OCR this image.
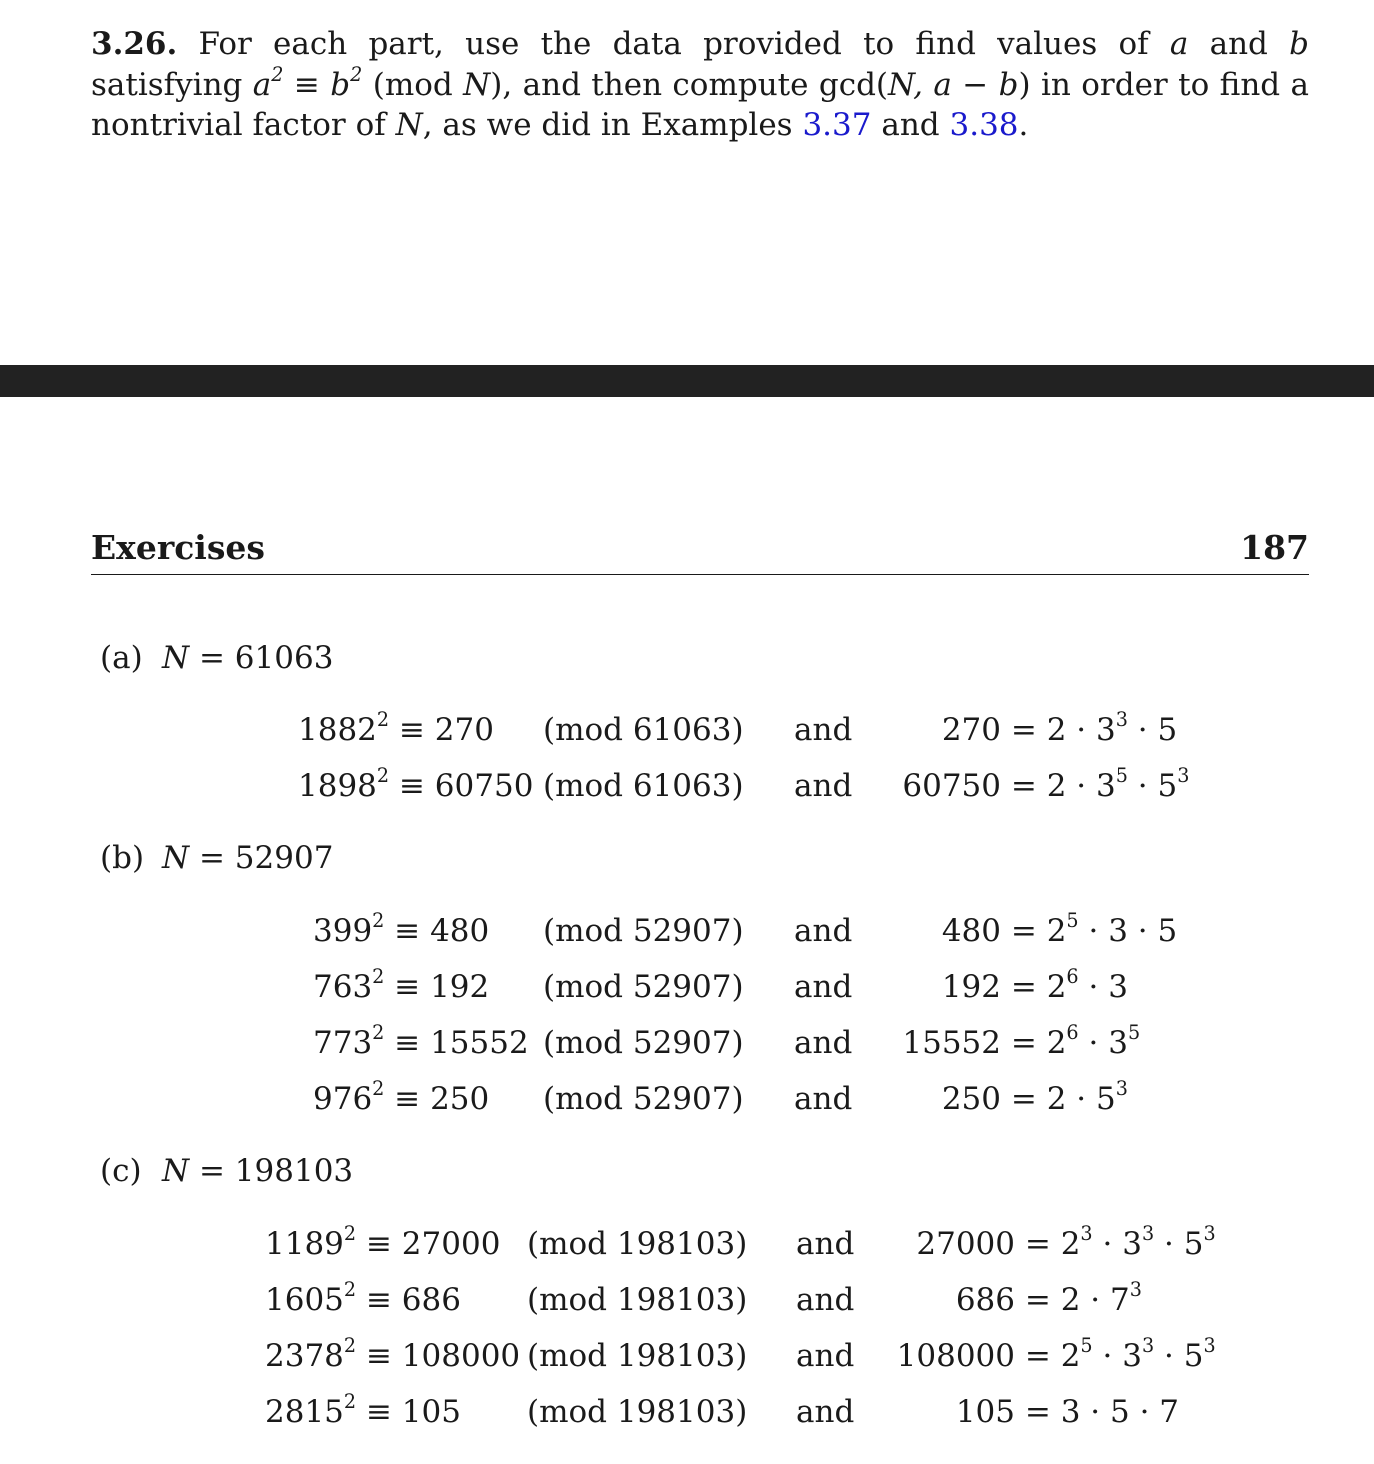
3.26. For each part, use the data provided to find values of a and b satisfying $a^2 \equiv b^2$ (mod N), and then compute gcd(N, a − b) in order to find a nontrivial factor of N, as we did in Examples 3.37 and 3.38.
Exercises	187
(a) N = 61063
$1882^2 \equiv 270$ (mod 61063) and	$270 = 2 \cdot 3^3 \cdot 5$
$1898^2 \equiv 60750$ (mod 61063) and $60750 = 2 \cdot 3^5 \cdot 5^3$
(b) N = 52907
$399^2 \equiv 480$ (mod 52907) and	$480 = 2^5 \cdot 3 \cdot 5$
$763^2 \equiv 192$ (mod 52907) and	$192 = 2^6 \cdot 3$
$773^2 \equiv 15552$ (mod 52907) and $15552 = 2^6 \cdot 3^5$
$976^2 \equiv 250$ (mod 52907) and	$250 = 2 \cdot 5^3$
(c) N = 198103
$1189^2 \equiv 27000$ (mod 198103) and $27000 = 2^3 \cdot 3^3 \cdot 5^3$
$1605^2 \equiv 686$ (mod 198103) and	$686 = 2 \cdot 7^3$
$2378^2 \equiv 108000$ (mod 198103) and $108000 = 2^5 \cdot 3^3 \cdot 5^3$
$2815^2 \equiv 105$ (mod 198103) and	105 = 3 · 5 · 7
